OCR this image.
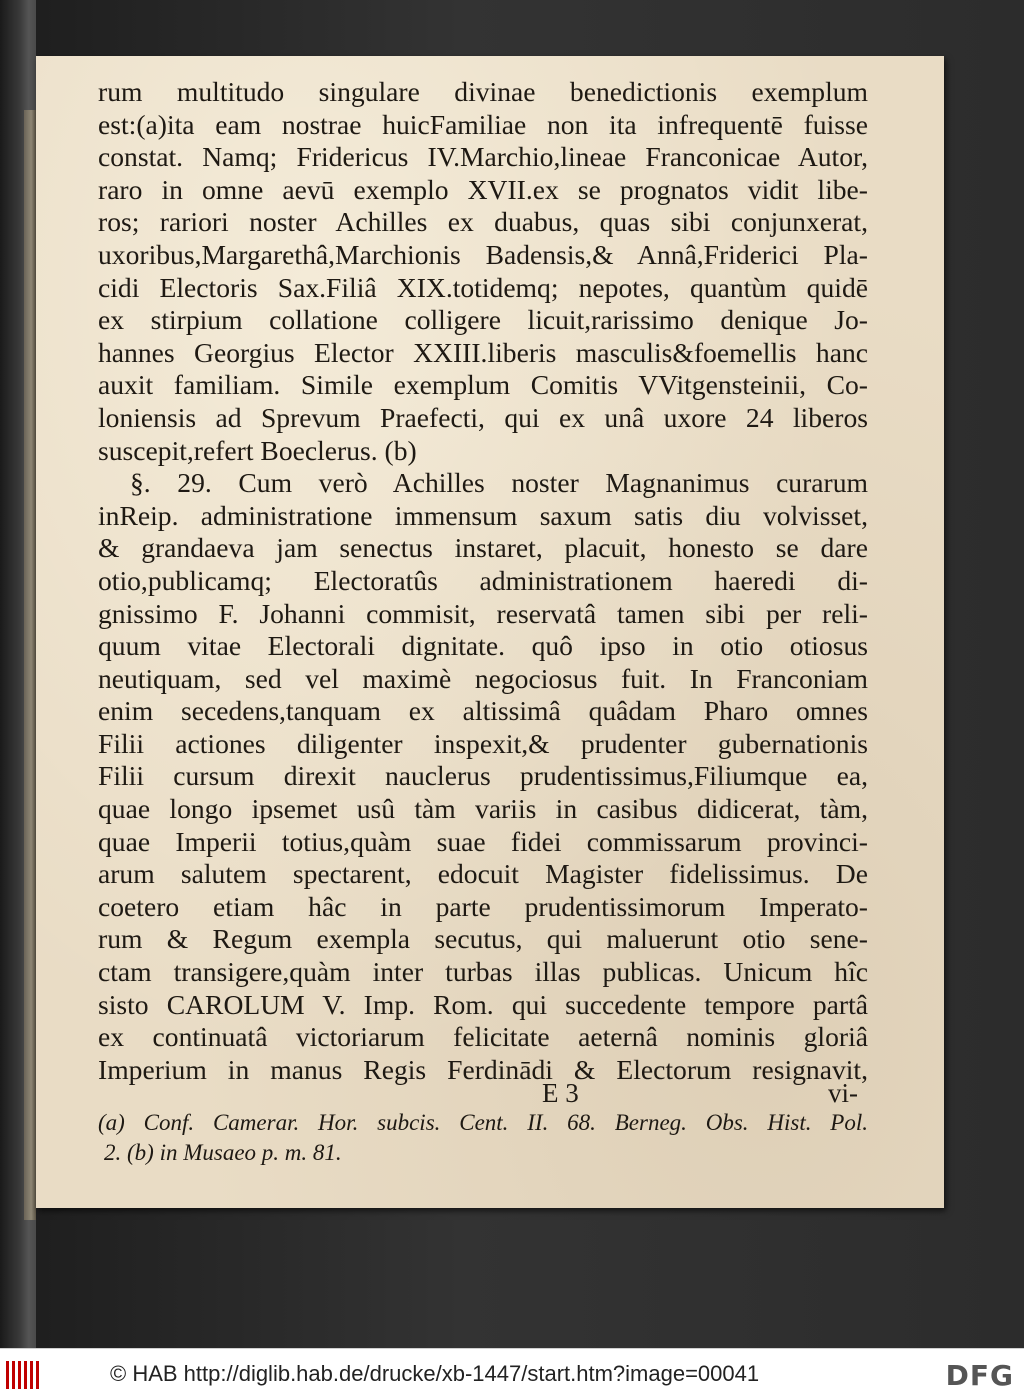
rum multitudo singulare divinae benedictionis exemplum
est:(a)ita eam nostrae huicFamiliae non ita infrequentē fuisse
constat. Namq; Fridericus IV.Marchio,lineae Franconicae Autor,
raro in omne aevū exemplo XVII.ex se prognatos vidit libe-
ros; rariori noster Achilles ex duabus, quas sibi conjunxerat,
uxoribus,Margarethâ,Marchionis Badensis,& Annâ,Friderici Pla-
cidi Electoris Sax.Filiâ XIX.totidemq; nepotes, quantùm quidē
ex stirpium collatione colligere licuit,rarissimo denique Jo-
hannes Georgius Elector XXIII.liberis masculis&foemellis hanc
auxit familiam. Simile exemplum Comitis VVitgensteinii, Co-
loniensis ad Sprevum Praefecti, qui ex unâ uxore 24 liberos
suscepit,refert Boeclerus. (b)
§. 29. Cum verò Achilles noster Magnanimus curarum
inReip. administratione immensum saxum satis diu volvisset,
& grandaeva jam senectus instaret, placuit, honesto se dare
otio,publicamq; Electoratûs administrationem haeredi di-
gnissimo F. Johanni commisit, reservatâ tamen sibi per reli-
quum vitae Electorali dignitate. quô ipso in otio otiosus
neutiquam, sed vel maximè negociosus fuit. In Franconiam
enim secedens,tanquam ex altissimâ quâdam Pharo omnes
Filii actiones diligenter inspexit,& prudenter gubernationis
Filii cursum direxit nauclerus prudentissimus,Filiumque ea,
quae longo ipsemet usû tàm variis in casibus didicerat, tàm,
quae Imperii totius,quàm suae fidei commissarum provinci-
arum salutem spectarent, edocuit Magister fidelissimus. De
coetero etiam hâc in parte prudentissimorum Imperato-
rum & Regum exempla secutus, qui maluerunt otio sene-
ctam transigere,quàm inter turbas illas publicas. Unicum hîc
sisto CAROLUM V. Imp. Rom. qui succedente tempore partâ
ex continuatâ victoriarum felicitate aeternâ nominis gloriâ
Imperium in manus Regis Ferdinādi & Electorum resignavit,
E 3	vi-
(a) Conf. Camerar. Hor. subcis. Cent. II. 68. Berneg. Obs. Hist. Pol.
2. (b) in Musaeo p. m. 81.
© HAB http://diglib.hab.de/drucke/xb-1447/start.htm?image=00041	DFG
